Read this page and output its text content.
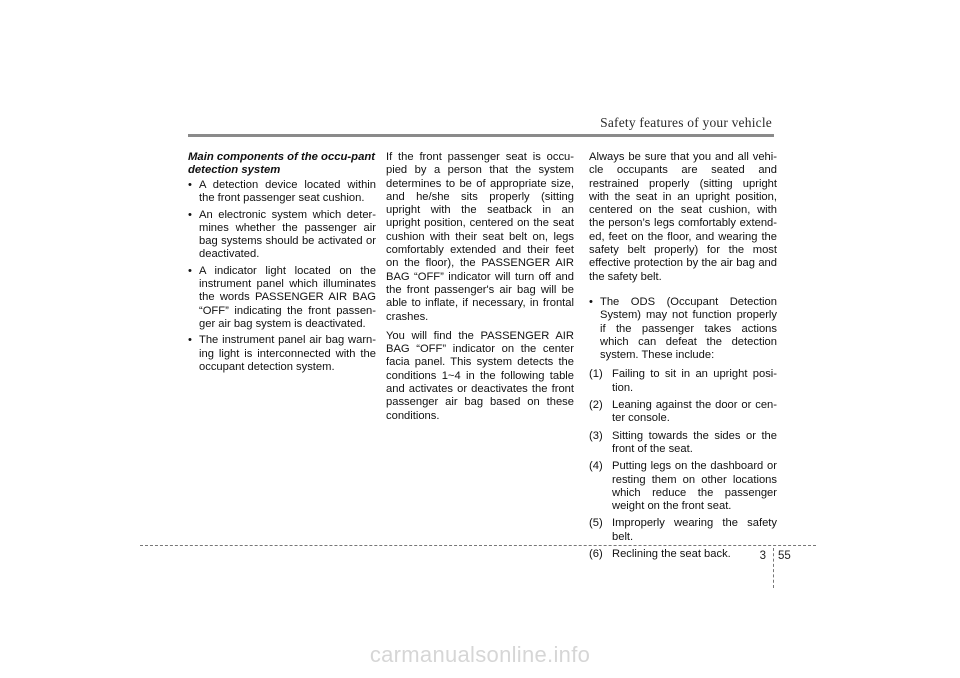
Safety features of your vehicle
Main components of the occu-pant detection system
• A detection device located within the front passenger seat cushion.
• An electronic system which deter-mines whether the passenger air bag systems should be activated or deactivated.
• A indicator light located on the instrument panel which illuminates the words PASSENGER AIR BAG “OFF” indicating the front passen-ger air bag system is deactivated.
• The instrument panel air bag warn-ing light is interconnected with the occupant detection system.

If the front passenger seat is occu-pied by a person that the system determines to be of appropriate size, and he/she sits properly (sitting upright with the seatback in an upright position, centered on the seat cushion with their seat belt on, legs comfortably extended and their feet on the floor), the PASSENGER AIR BAG “OFF” indicator will turn off and the front passenger's air bag will be able to inflate, if necessary, in frontal crashes.

You will find the PASSENGER AIR BAG “OFF” indicator on the center facia panel. This system detects the conditions 1~4 in the following table and activates or deactivates the front passenger air bag based on these conditions.

Always be sure that you and all vehi-cle occupants are seated and restrained properly (sitting upright with the seat in an upright position, centered on the seat cushion, with the person’s legs comfortably extend-ed, feet on the floor, and wearing the safety belt properly) for the most effective protection by the air bag and the safety belt.

• The ODS (Occupant Detection System) may not function properly if the passenger takes actions which can defeat the detection system. These include:
(1) Failing to sit in an upright posi-tion.
(2) Leaning against the door or cen-ter console.
(3) Sitting towards the sides or the front of the seat.
(4) Putting legs on the dashboard or resting them on other locations which reduce the passenger weight on the front seat.
(5) Improperly wearing the safety belt.
(6) Reclining the seat back.	3 55
carmanualsonline.info
